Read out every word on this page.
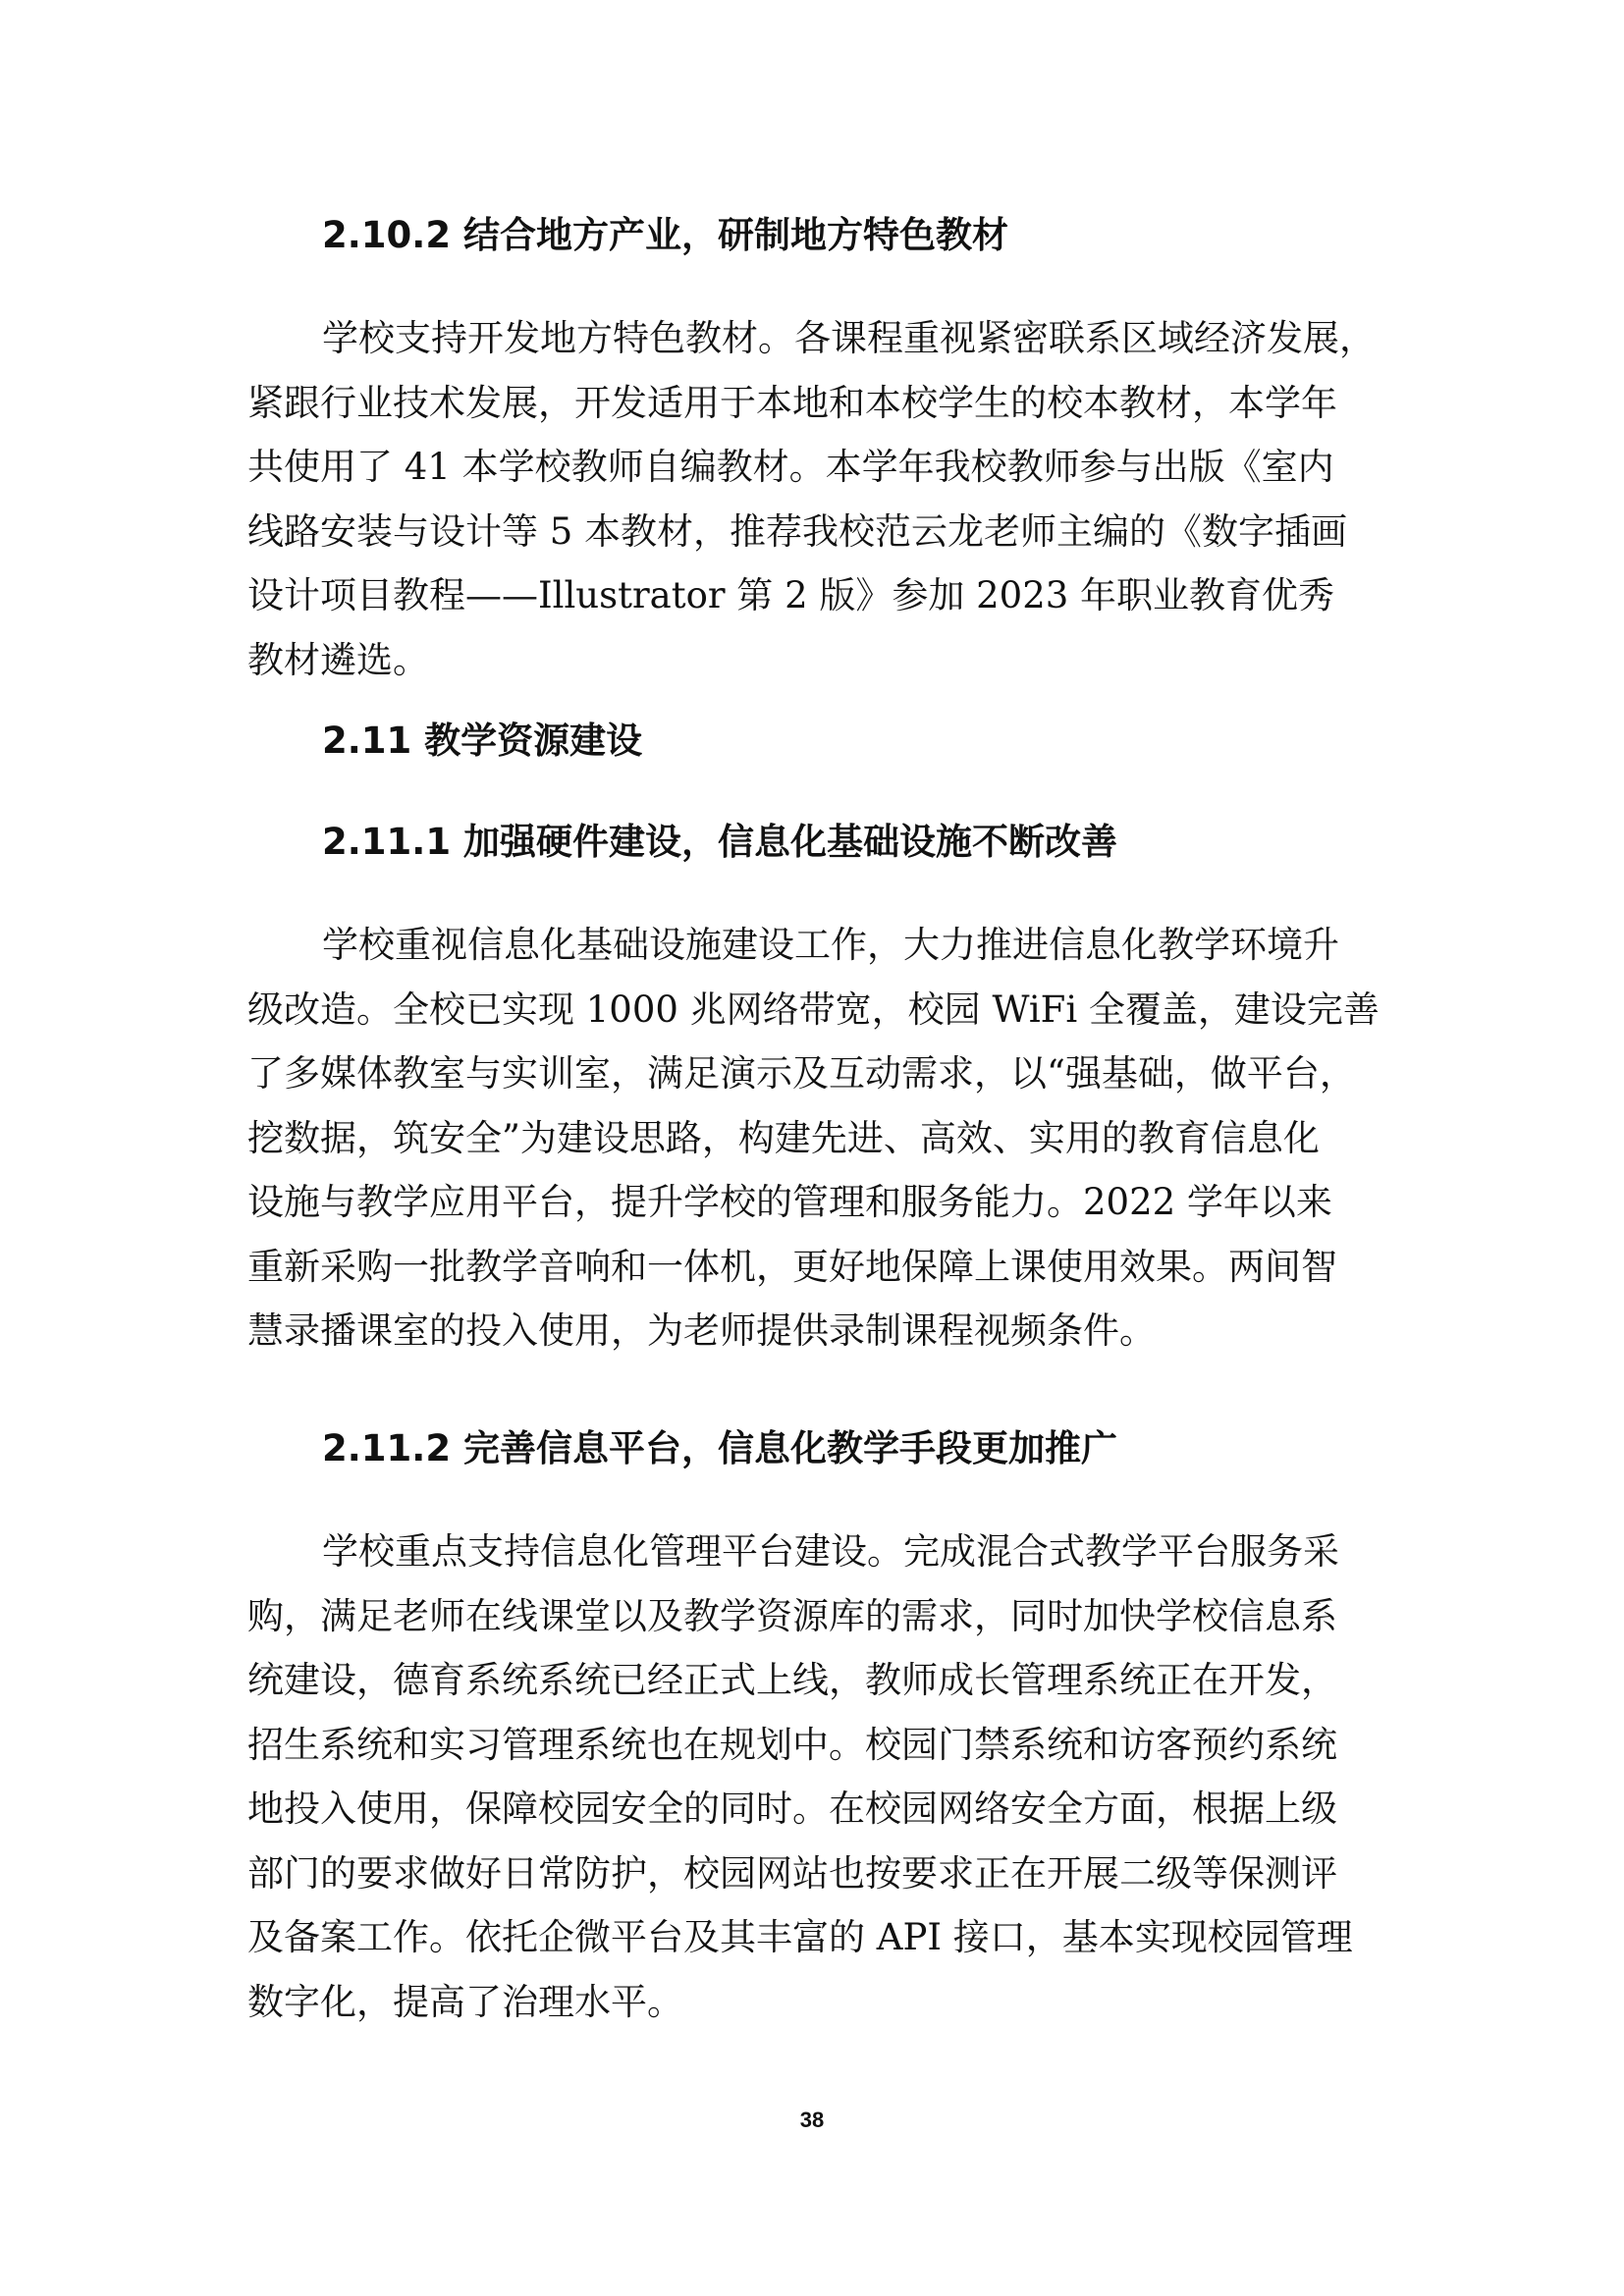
2.10.2 结合地方产业，研制地方特色教材
学校支持开发地方特色教材。各课程重视紧密联系区域经济发展，
紧跟行业技术发展，开发适用于本地和本校学生的校本教材，本学年
共使用了 41 本学校教师自编教材。本学年我校教师参与出版《室内
线路安装与设计等 5 本教材，推荐我校范云龙老师主编的《数字插画
设计项目教程——Illustrator 第 2 版》参加 2023 年职业教育优秀
教材遴选。
2.11 教学资源建设
2.11.1 加强硬件建设，信息化基础设施不断改善
学校重视信息化基础设施建设工作，大力推进信息化教学环境升
级改造。全校已实现 1000 兆网络带宽，校园 WiFi 全覆盖，建设完善
了多媒体教室与实训室，满足演示及互动需求，以“强基础，做平台，
挖数据，筑安全”为建设思路，构建先进、高效、实用的教育信息化
设施与教学应用平台，提升学校的管理和服务能力。2022 学年以来
重新采购一批教学音响和一体机，更好地保障上课使用效果。两间智
慧录播课室的投入使用，为老师提供录制课程视频条件。
2.11.2 完善信息平台，信息化教学手段更加推广
学校重点支持信息化管理平台建设。完成混合式教学平台服务采
购，满足老师在线课堂以及教学资源库的需求，同时加快学校信息系
统建设，德育系统系统已经正式上线，教师成长管理系统正在开发，
招生系统和实习管理系统也在规划中。校园门禁系统和访客预约系统
地投入使用，保障校园安全的同时。在校园网络安全方面，根据上级
部门的要求做好日常防护，校园网站也按要求正在开展二级等保测评
及备案工作。依托企微平台及其丰富的 API 接口，基本实现校园管理
数字化，提高了治理水平。
38
